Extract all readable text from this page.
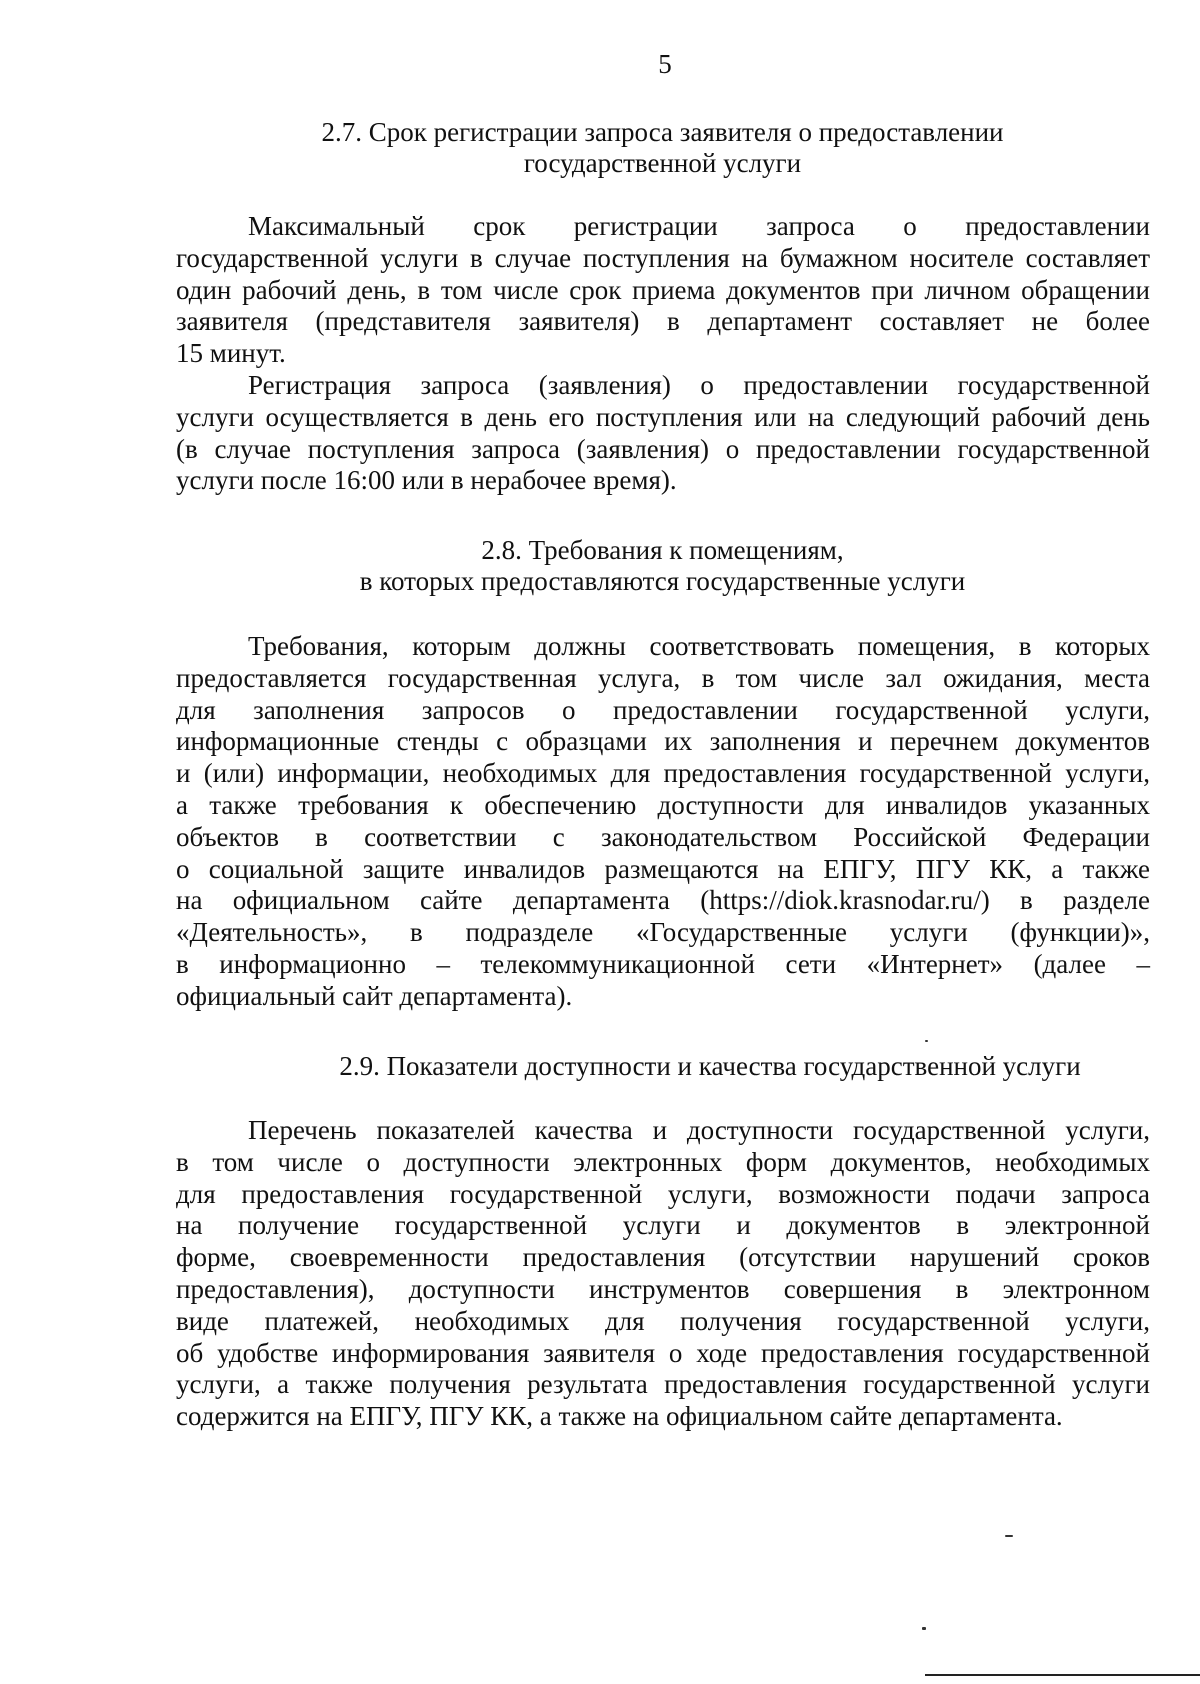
5
2.7. Срок регистрации запроса заявителя о предоставлении
государственной услуги
Максимальный срок регистрации запроса о предоставлении
государственной услуги в случае поступления на бумажном носителе составляет
один рабочий день, в том числе срок приема документов при личном обращении
заявителя (представителя заявителя) в департамент составляет не более
15 минут.
Регистрация запроса (заявления) о предоставлении государственной
услуги осуществляется в день его поступления или на следующий рабочий день
(в случае поступления запроса (заявления) о предоставлении государственной
услуги после 16:00 или в нерабочее время).
2.8. Требования к помещениям,
в которых предоставляются государственные услуги
Требования, которым должны соответствовать помещения, в которых
предоставляется государственная услуга, в том числе зал ожидания, места
для заполнения запросов о предоставлении государственной услуги,
информационные стенды с образцами их заполнения и перечнем документов
и (или) информации, необходимых для предоставления государственной услуги,
а также требования к обеспечению доступности для инвалидов указанных
объектов в соответствии с законодательством Российской Федерации
о социальной защите инвалидов размещаются на ЕПГУ, ПГУ КК, а также
на официальном сайте департамента (https://diok.krasnodar.ru/) в разделе
«Деятельность», в подразделе «Государственные услуги (функции)»,
в информационно – телекоммуникационной сети «Интернет» (далее –
официальный сайт департамента).
2.9. Показатели доступности и качества государственной услуги
Перечень показателей качества и доступности государственной услуги,
в том числе о доступности электронных форм документов, необходимых
для предоставления государственной услуги, возможности подачи запроса
на получение государственной услуги и документов в электронной
форме, своевременности предоставления (отсутствии нарушений сроков
предоставления), доступности инструментов совершения в электронном
виде платежей, необходимых для получения государственной услуги,
об удобстве информирования заявителя о ходе предоставления государственной
услуги, а также получения результата предоставления государственной услуги
содержится на ЕПГУ, ПГУ КК, а также на официальном сайте департамента.
